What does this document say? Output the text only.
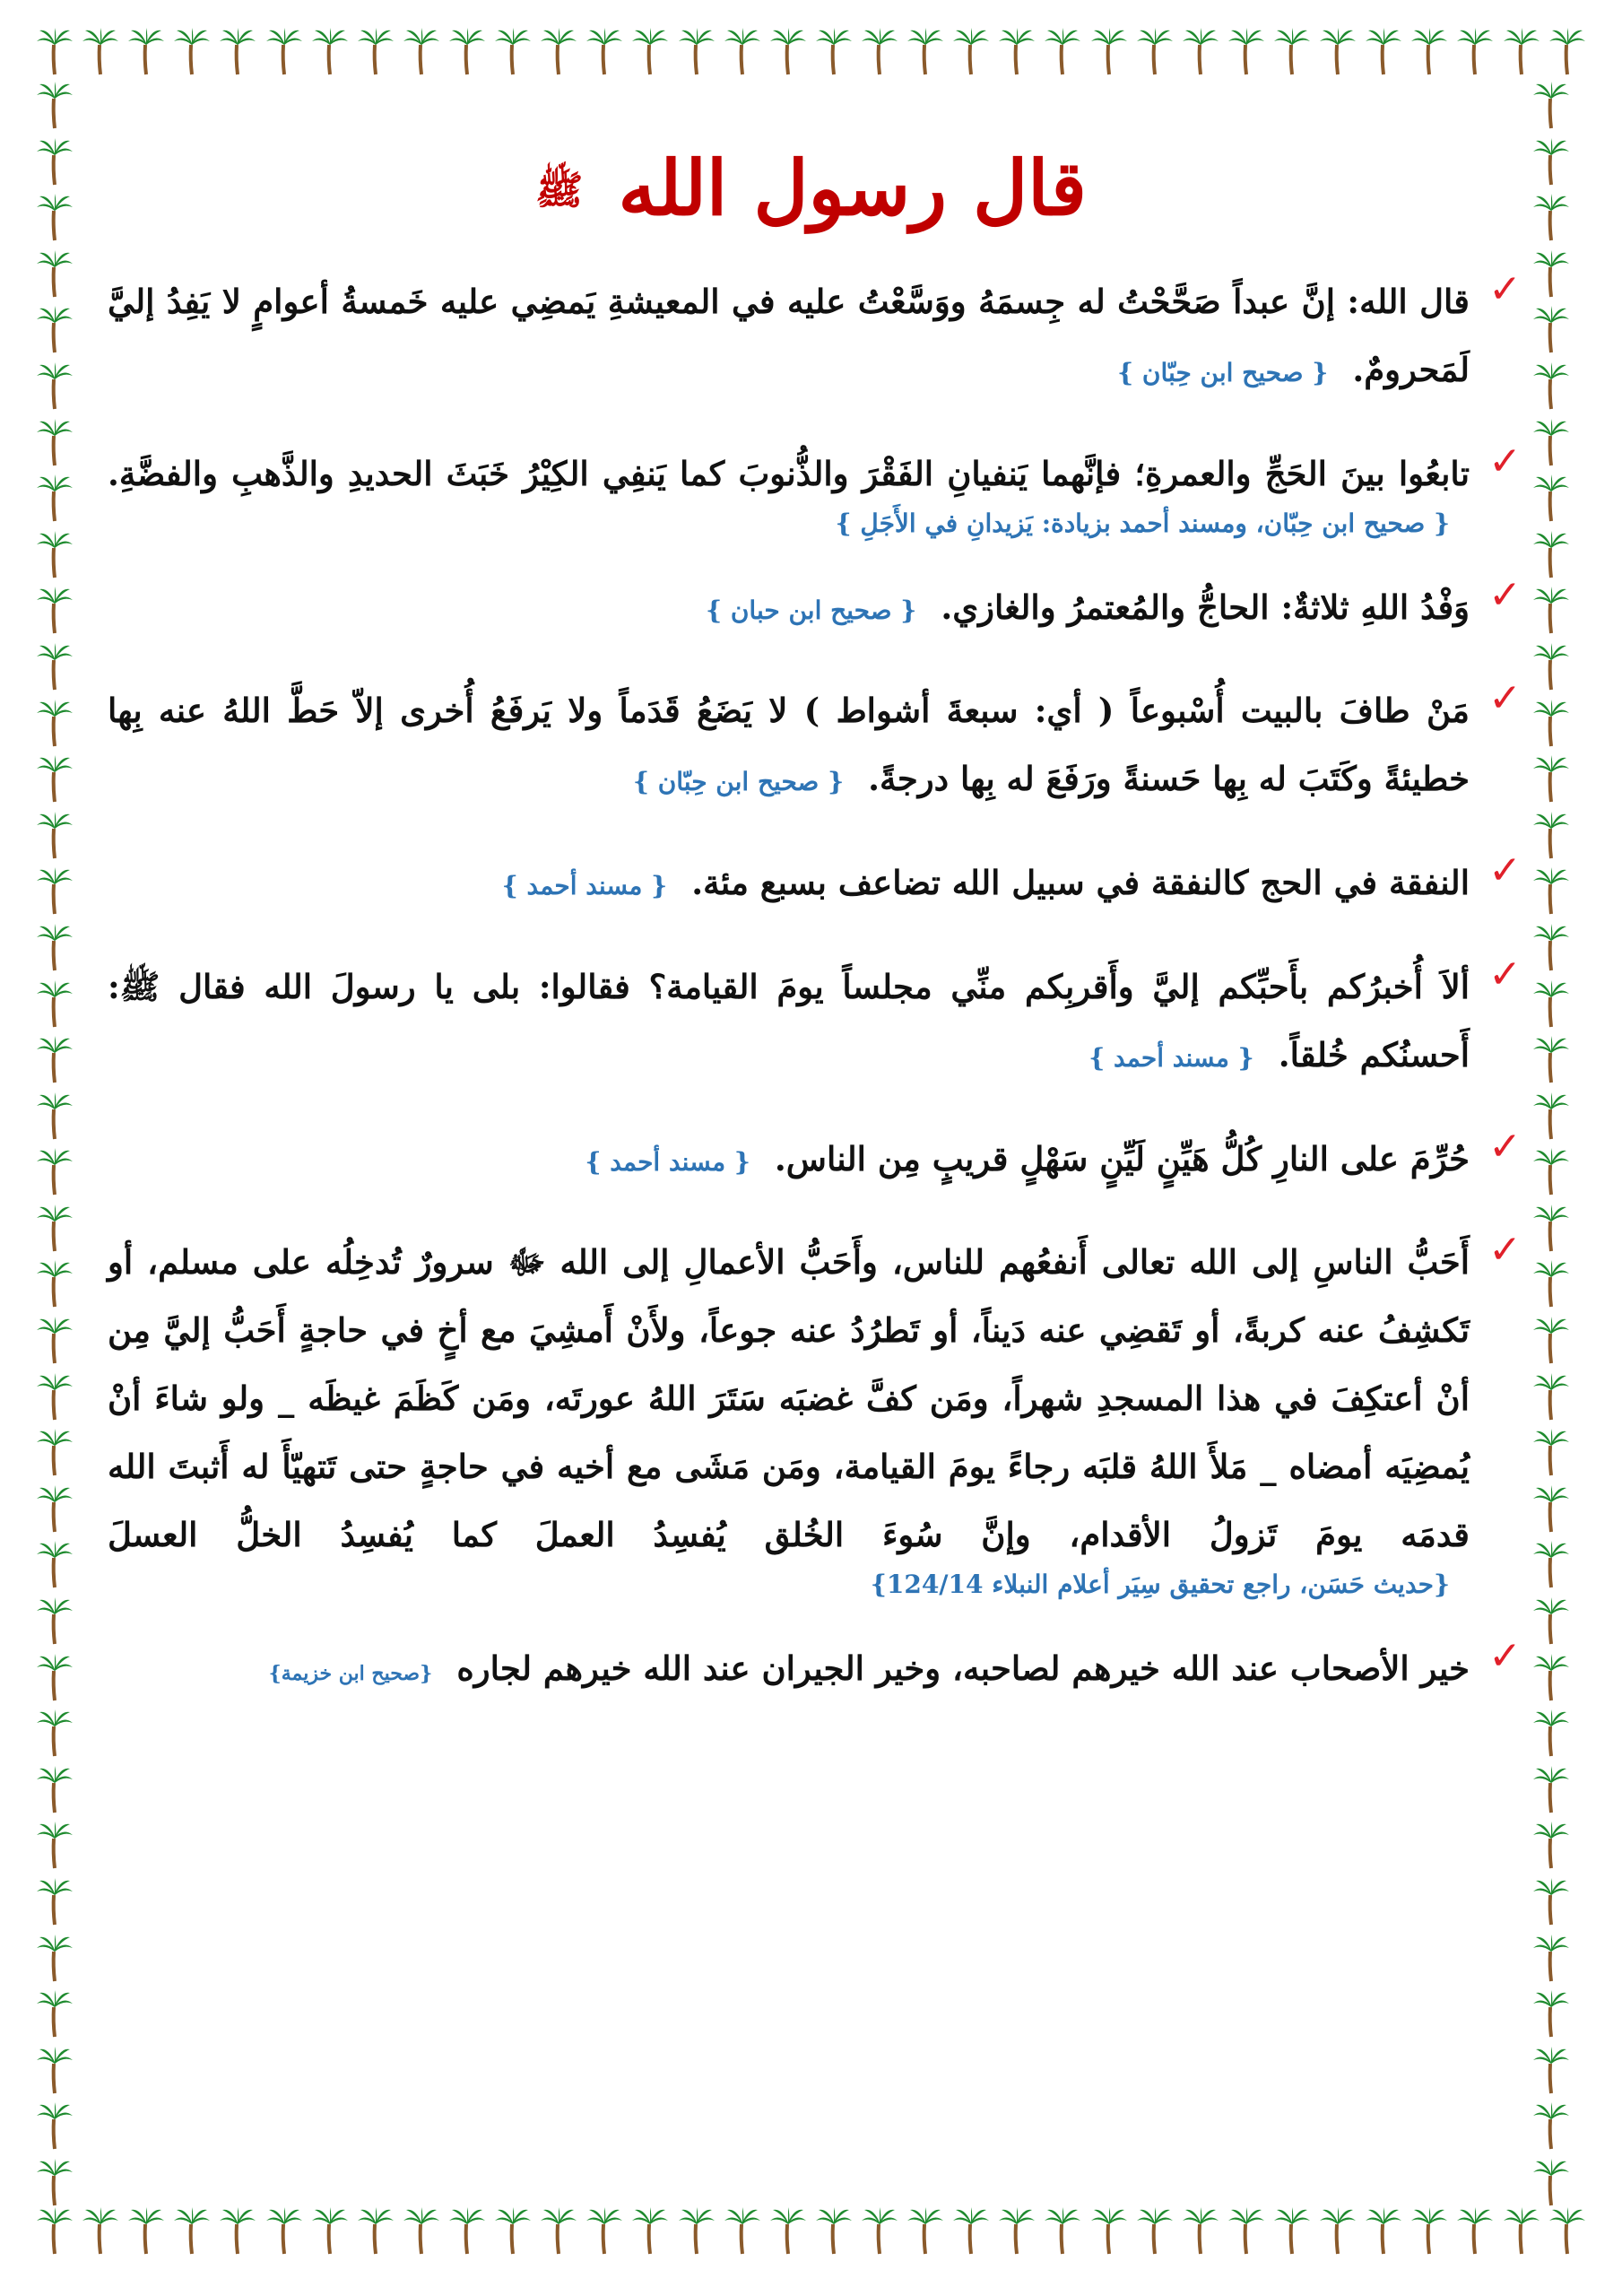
قال رسول الله ﷺ
✓
قال الله: إنَّ عبداً صَحَّحْتُ له جِسمَهُ ووَسَّعْتُ عليه في المعيشةِ يَمضِي عليه خَمسةُ أعوامٍ لا يَفِدُ إليَّ لَمَحرومٌ. { صحيح ابن حِبّان }
✓
تابعُوا بينَ الحَجِّ والعمرةِ؛ فإنَّهما يَنفيانِ الفَقْرَ والذُّنوبَ كما يَنفِي الكِيْرُ خَبَثَ الحديدِ والذَّهبِ والفضَّةِ. { صحيح ابن حِبّان، ومسند أحمد بزيادة: يَزيدانِ في الأَجَلِ }
✓
وَفْدُ اللهِ ثلاثةٌ: الحاجُّ والمُعتمرُ والغازي. { صحيح ابن حبان }
✓
مَنْ طافَ بالبيت أُسْبوعاً ( أي: سبعةَ أشواط ) لا يَضَعُ قَدَماً ولا يَرفَعُ أُخرى إلاّ حَطَّ اللهُ عنه بِها خطيئةً وكَتَبَ له بِها حَسنةً ورَفَعَ له بِها درجةً. { صحيح ابن حِبّان }
✓
النفقة في الحج كالنفقة في سبيل الله تضاعف بسبع مئة. { مسند أحمد }
✓
ألاَ أُخبرُكم بأَحبِّكم إليَّ وأَقربِكم منِّي مجلساً يومَ القيامة؟ فقالوا: بلى يا رسولَ الله فقال ﷺ: أَحسنُكم خُلقاً. { مسند أحمد }
✓
حُرِّمَ على النارِ كُلُّ هَيِّنٍ لَيِّنٍ سَهْلٍ قريبٍ مِن الناس. { مسند أحمد }
✓
أَحَبُّ الناسِ إلى الله تعالى أَنفعُهم للناس، وأَحَبُّ الأعمالِ إلى الله ﷻ سرورٌ تُدخِلُه على مسلم، أو تَكشِفُ عنه كربةً، أو تَقضِي عنه دَيناً، أو تَطرُدُ عنه جوعاً، ولأَنْ أَمشِيَ مع أخٍ في حاجةٍ أَحَبُّ إليَّ مِن أنْ أعتكِفَ في هذا المسجدِ شهراً، ومَن كفَّ غضبَه سَتَرَ اللهُ عورتَه، ومَن كَظَمَ غيظَه _ ولو شاءَ أنْ يُمضِيَه أمضاه _ مَلأَ اللهُ قلبَه رجاءً يومَ القيامة، ومَن مَشَى مع أخيه في حاجةٍ حتى تَتهيّأَ له أَثبتَ الله قدمَه يومَ تَزولُ الأقدام، وإنَّ سُوءَ الخُلق يُفسِدُ العملَ كما يُفسِدُ الخلُّ العسلَ {حديث حَسَن، راجع تحقيق سِيَر أعلام النبلاء 124/14}
✓
خير الأصحاب عند الله خيرهم لصاحبه، وخير الجيران عند الله خيرهم لجاره {صحيح ابن خزيمة}
